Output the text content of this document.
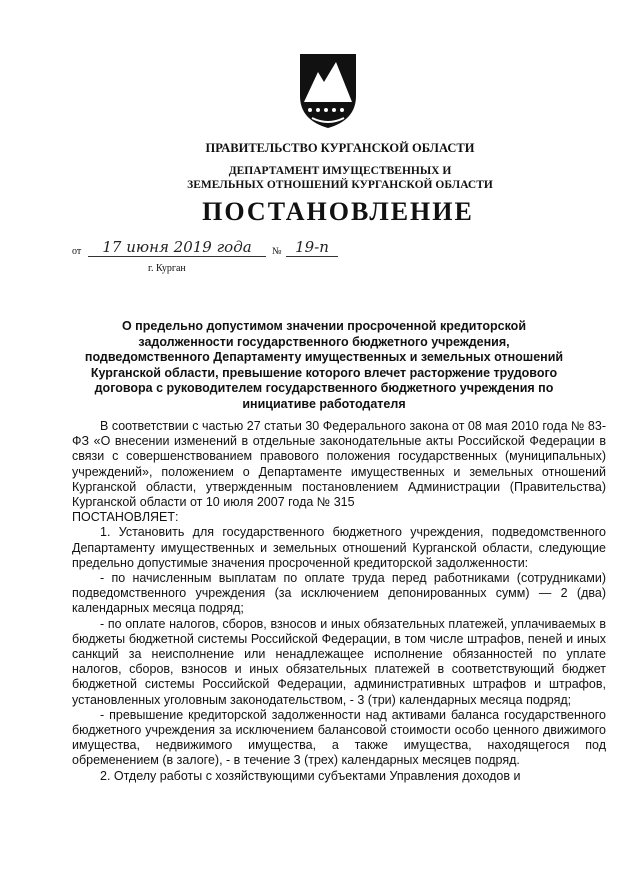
ПРАВИТЕЛЬСТВО КУРГАНСКОЙ ОБЛАСТИ

ДЕПАРТАМЕНТ ИМУЩЕСТВЕННЫХ И
ЗЕМЕЛЬНЫХ ОТНОШЕНИЙ КУРГАНСКОЙ ОБЛАСТИ

ПОСТАНОВЛЕНИЕ

от	17 июня 2019 года	№ 19-п
г. Курган

О предельно допустимом значении просроченной кредиторской задолженности государственного бюджетного учреждения, подведомственного Департаменту имущественных и земельных отношений Курганской области, превышение которого влечет расторжение трудового договора с руководителем государственного бюджетного учреждения по инициативе работодателя

В соответствии с частью 27 статьи 30 Федерального закона от 08 мая 2010 года № 83-ФЗ «О внесении изменений в отдельные законодательные акты Российской Федерации в связи с совершенствованием правового положения государственных (муниципальных) учреждений», положением о Департаменте имущественных и земельных отношений Курганской области, утвержденным постановлением Администрации (Правительства) Курганской области от 10 июля 2007 года № 315

ПОСТАНОВЛЯЕТ:

1. Установить для государственного бюджетного учреждения, подведомственного Департаменту имущественных и земельных отношений Курганской области, следующие предельно допустимые значения просроченной кредиторской задолженности:

- по начисленным выплатам по оплате труда перед работниками (сотрудниками) подведомственного учреждения (за исключением депонированных сумм) — 2 (два) календарных месяца подряд;

- по оплате налогов, сборов, взносов и иных обязательных платежей, уплачиваемых в бюджеты бюджетной системы Российской Федерации, в том числе штрафов, пеней и иных санкций за неисполнение или ненадлежащее исполнение обязанностей по уплате налогов, сборов, взносов и иных обязательных платежей в соответствующий бюджет бюджетной системы Российской Федерации, административных штрафов и штрафов, установленных уголовным законодательством, - 3 (три) календарных месяца подряд;

- превышение кредиторской задолженности над активами баланса государственного бюджетного учреждения за исключением балансовой стоимости особо ценного движимого имущества, недвижимого имущества, а также имущества, находящегося под обременением (в залоге), - в течение 3 (трех) календарных месяцев подряд.

2. Отделу работы с хозяйствующими субъектами Управления доходов и
